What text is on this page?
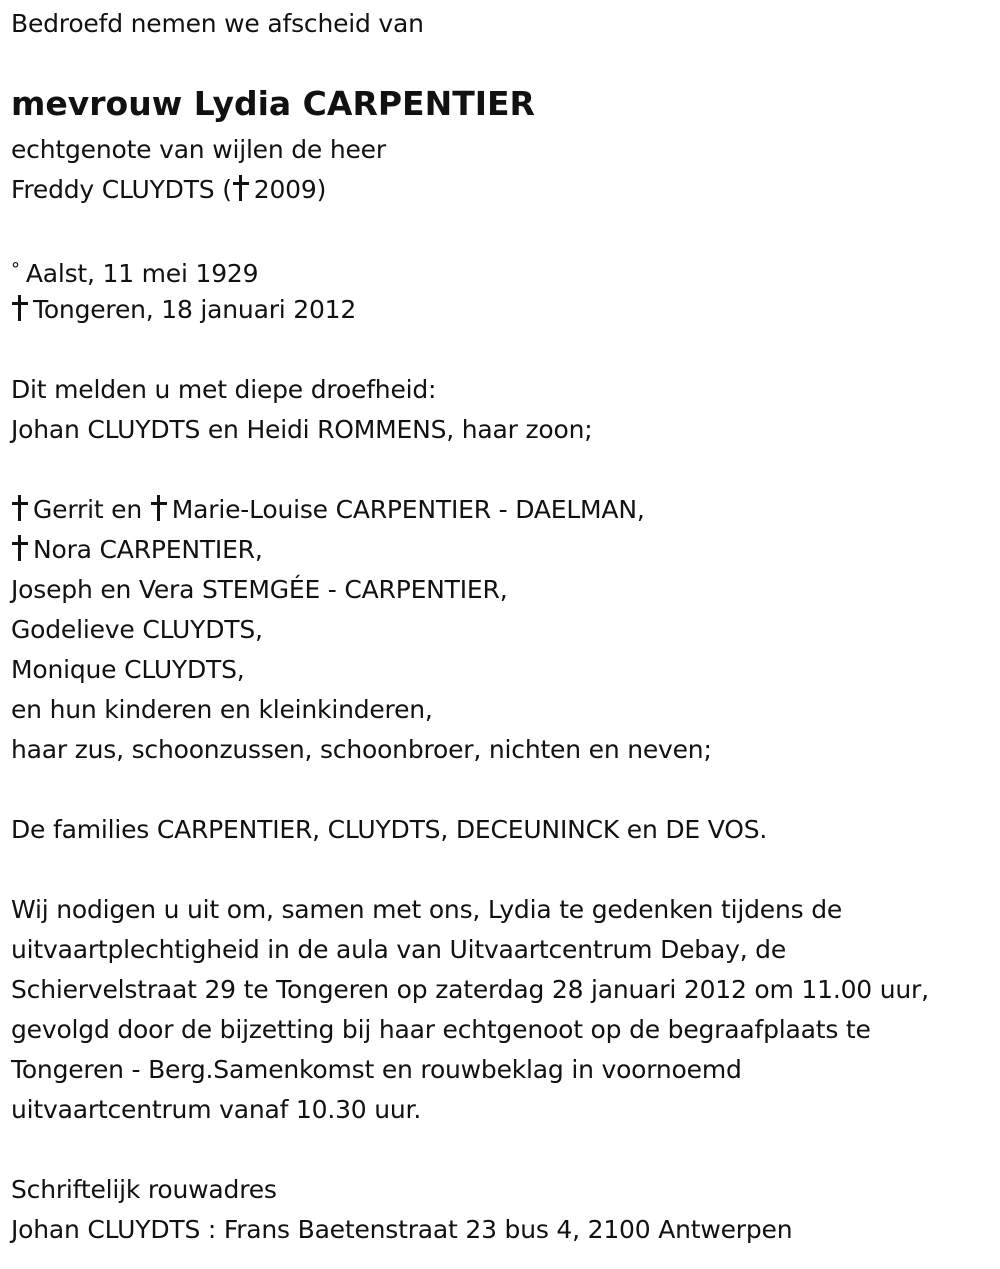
Bedroefd nemen we afscheid van
mevrouw Lydia CARPENTIER
echtgenote van wijlen de heer
Freddy CLUYDTS ( 2009)
° Aalst, 11 mei 1929
Tongeren, 18 januari 2012
Dit melden u met diepe droefheid:
Johan CLUYDTS en Heidi ROMMENS, haar zoon;
Gerrit en Marie-Louise CARPENTIER - DAELMAN,
Nora CARPENTIER,
Joseph en Vera STEMGÉE - CARPENTIER,
Godelieve CLUYDTS,
Monique CLUYDTS,
en hun kinderen en kleinkinderen,
haar zus, schoonzussen, schoonbroer, nichten en neven;
De families CARPENTIER, CLUYDTS, DECEUNINCK en DE VOS.
Wij nodigen u uit om, samen met ons, Lydia te gedenken tijdens de
uitvaartplechtigheid in de aula van Uitvaartcentrum Debay, de
Schiervelstraat 29 te Tongeren op zaterdag 28 januari 2012 om 11.00 uur,
gevolgd door de bijzetting bij haar echtgenoot op de begraafplaats te
Tongeren - Berg.Samenkomst en rouwbeklag in voornoemd
uitvaartcentrum vanaf 10.30 uur.
Schriftelijk rouwadres
Johan CLUYDTS : Frans Baetenstraat 23 bus 4, 2100 Antwerpen
